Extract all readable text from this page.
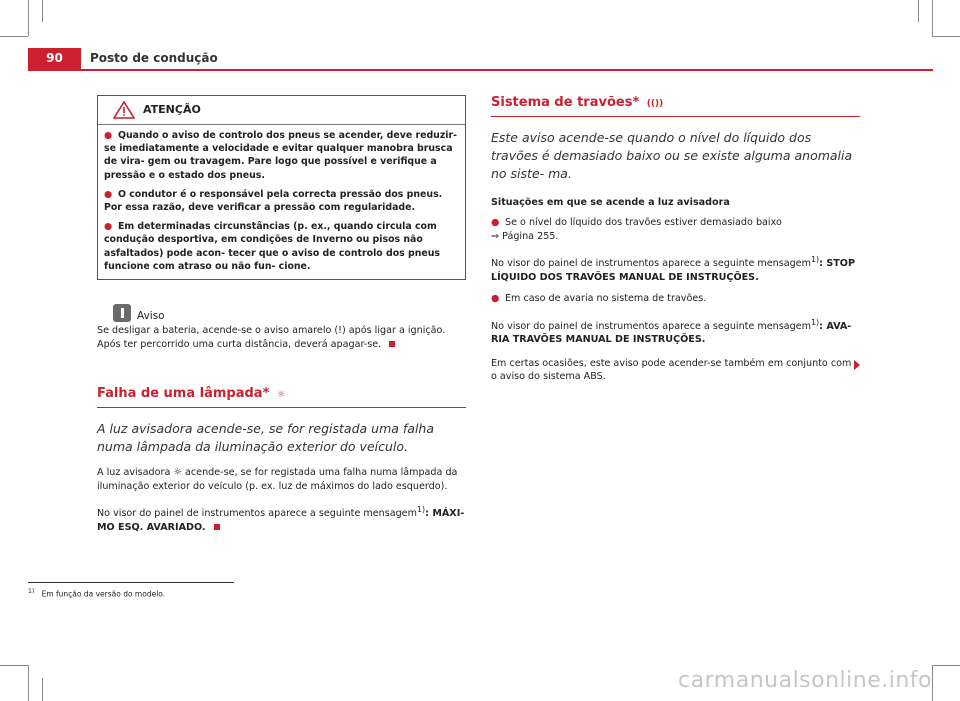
90	Posto de condução
ATENÇÃO
● Quando o aviso de controlo dos pneus se acender, deve reduzir-se imediatamente a velocidade e evitar qualquer manobra brusca de vira- gem ou travagem. Pare logo que possível e verifique a pressão e o estado dos pneus.
● O condutor é o responsável pela correcta pressão dos pneus. Por essa razão, deve verificar a pressão com regularidade.
● Em determinadas circunstâncias (p. ex., quando circula com condução desportiva, em condições de Inverno ou pisos não asfaltados) pode acon- tecer que o aviso de controlo dos pneus funcione com atraso ou não fun- cione.
Aviso
Se desligar a bateria, acende-se o aviso amarelo (!) após ligar a ignição. Após ter percorrido uma curta distância, deverá apagar-se.
Falha de uma lâmpada* ☼
A luz avisadora acende-se, se for registada uma falha numa lâmpada da iluminação exterior do veículo.

A luz avisadora ☼ acende-se, se for registada uma falha numa lâmpada da iluminação exterior do veículo (p. ex. luz de máximos do lado esquerdo).

No visor do painel de instrumentos aparece a seguinte mensagem$^{1)}$: MÁXI- MO ESQ. AVARIADO.

Sistema de travões* (())
Este aviso acende-se quando o nível do líquido dos travões é demasiado baixo ou se existe alguma anomalia no siste- ma.
Situações em que se acende a luz avisadora
● Se o nível do líquido dos travões estiver demasiado baixo
⇒ Página 255.

No visor do painel de instrumentos aparece a seguinte mensagem$^{1)}$: STOP LÍQUIDO DOS TRAVÕES MANUAL DE INSTRUÇÕES.

● Em caso de avaria no sistema de travões.

No visor do painel de instrumentos aparece a seguinte mensagem$^{1)}$: AVA- RIA TRAVÕES MANUAL DE INSTRUÇÕES.

Em certas ocasiões, este aviso pode acender-se também em conjunto com o aviso do sistema ABS.

$^{1)}$ Em função da versão do modelo.
carmanualsonline.info
